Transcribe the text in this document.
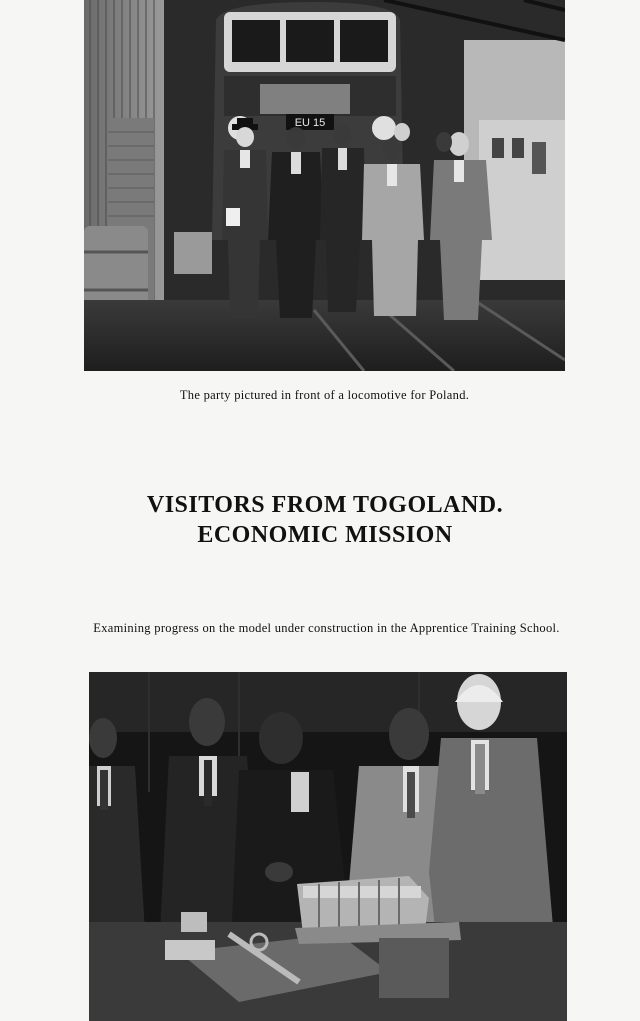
EU 15
The party pictured in front of a locomotive for Poland.
VISITORS FROM TOGOLAND.
ECONOMIC MISSION
Examining progress on the model under construction in the Apprentice Training School.
